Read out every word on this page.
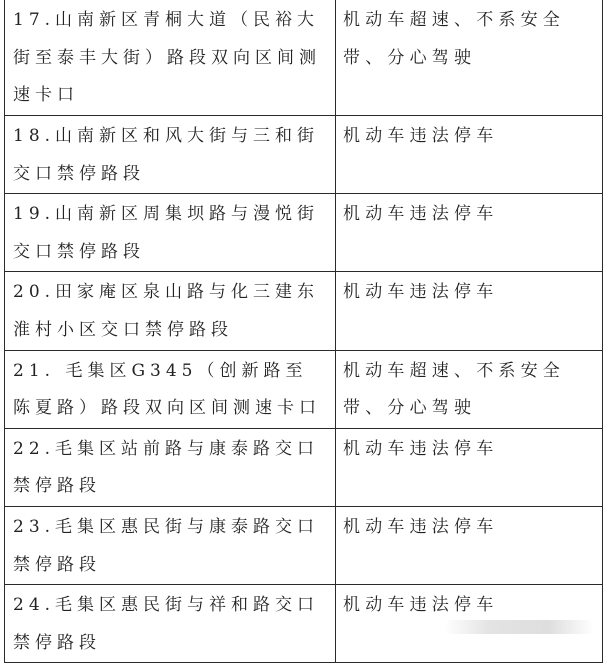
17.山南新区青桐大道（民裕大街至泰丰大街）路段双向区间测速卡口	机动车超速、不系安全带、分心驾驶
18.山南新区和风大街与三和街交口禁停路段	机动车违法停车
19.山南新区周集坝路与漫悦街交口禁停路段	机动车违法停车
20.田家庵区泉山路与化三建东淮村小区交口禁停路段	机动车违法停车
21. 毛集区G345（创新路至陈夏路）路段双向区间测速卡口	机动车超速、不系安全带、分心驾驶
22.毛集区站前路与康泰路交口禁停路段	机动车违法停车
23.毛集区惠民街与康泰路交口禁停路段	机动车违法停车
24.毛集区惠民街与祥和路交口禁停路段	机动车违法停车
